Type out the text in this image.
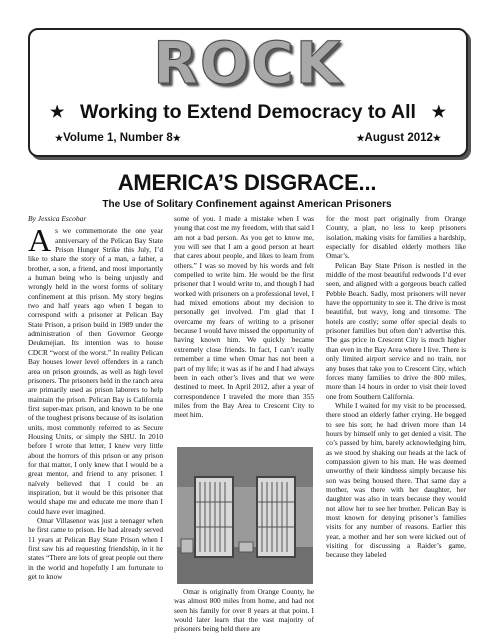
ROCK
★ Working to Extend Democracy to All ★
★Volume 1, Number 8★	★August 2012★
AMERICA’S DISGRACE...
The Use of Solitary Confinement against American Prisoners
By Jessica Escobar

As we commemorate the one year anniversary of the Pelican Bay State Prison Hunger Strike this July, I’d like to share the story of a man, a father, a brother, a son, a friend, and most importantly a human being who is being unjustly and wrongly held in the worst forms of solitary confinement at this prison. My story begins two and half years ago when I began to correspond with a prisoner at Pelican Bay State Prison, a prison build in 1989 under the administration of then Governor George Deukmejian. Its intention was to house CDCR “worst of the worst.” In reality Pelican Bay houses lower level offenders in a ranch area on prison grounds, as well as high level prisoners. The prisoners held in the ranch area are primarily used as prison laborers to help maintain the prison. Pelican Bay is California first super-max prison, and known to be one of the toughest prisons because of its isolation units, most commonly referred to as Secure Housing Units, or simply the SHU. In 2010 before I wrote that letter, I knew very little about the horrors of this prison or any prison for that matter, I only knew that I would be a great mentor, and friend to any prisoner. I naïvely believed that I could be an inspiration, but it would be this prisoner that would shape me and educate me more than I could have ever imagined.

Omar Villasenor was just a teenager when he first came to prison. He had already served 11 years at Pelican Bay State Prison when I first saw his ad requesting friendship, in it he states “There are lots of great people out there in the world and hopefully I am fortunate to get to know

some of you. I made a mistake when I was young that cost me my freedom, with that said I am not a bad person. As you get to know me, you will see that I am a good person at heart that cares about people, and likes to learn from others.” I was so moved by his words and felt compelled to write him. He would be the first prisoner that I would write to, and though I had worked with prisoners on a professional level, I had mixed emotions about my decision to personally get involved. I’m glad that I overcame my fears of writing to a prisoner because I would have missed the opportunity of having known him. We quickly became extremely close friends. In fact, I can’t really remember a time when Omar has not been a part of my life; it was as if he and I had always been in each other’s lives and that we were destined to meet. In April 2012, after a year of correspondence I traveled the more than 355 miles from the Bay Area to Crescent City to meet him.

Omar is originally from Orange County, he was almost 800 miles from home, and had not seen his family for over 8 years at that point. I would later learn that the vast majority of prisoners being held there are

for the most part originally from Orange County, a plan, no less to keep prisoners isolation, making visits for families a hardship, especially for disabled elderly mothers like Omar’s.

Pelican Bay State Prison is nestled in the middle of the most beautiful redwoods I’d ever seen, and aligned with a gorgeous beach called Pebble Beach. Sadly, most prisoners will never have the opportunity to see it. The drive is most beautiful, but wavy, long and tiresome. The hotels are costly; some offer special deals to prisoner families but often don’t advertise this. The gas price in Crescent City is much higher than even in the Bay Area where I live. There is only limited airport service and no train, nor any buses that take you to Crescent City, which forces many families to drive the 800 miles, more than 14 hours in order to visit their loved one from Southern California.

While I waited for my visit to be processed, there stood an elderly father crying. He begged to see his son; he had driven more than 14 hours by himself only to get denied a visit. The co’s passed by him, barely acknowledging him, as we stood by shaking our heads at the lack of compassion given to his man. He was deemed unworthy of their kindness simply because his son was being housed there. That same day a mother, was there with her daughter, her daughter was also in tears because they would not allow her to see her brother. Pelican Bay is most known for denying prisoner’s families visits for any number of reasons. Earlier this year, a mother and her son were kicked out of visiting for discussing a Raider’s game, because they labeled
